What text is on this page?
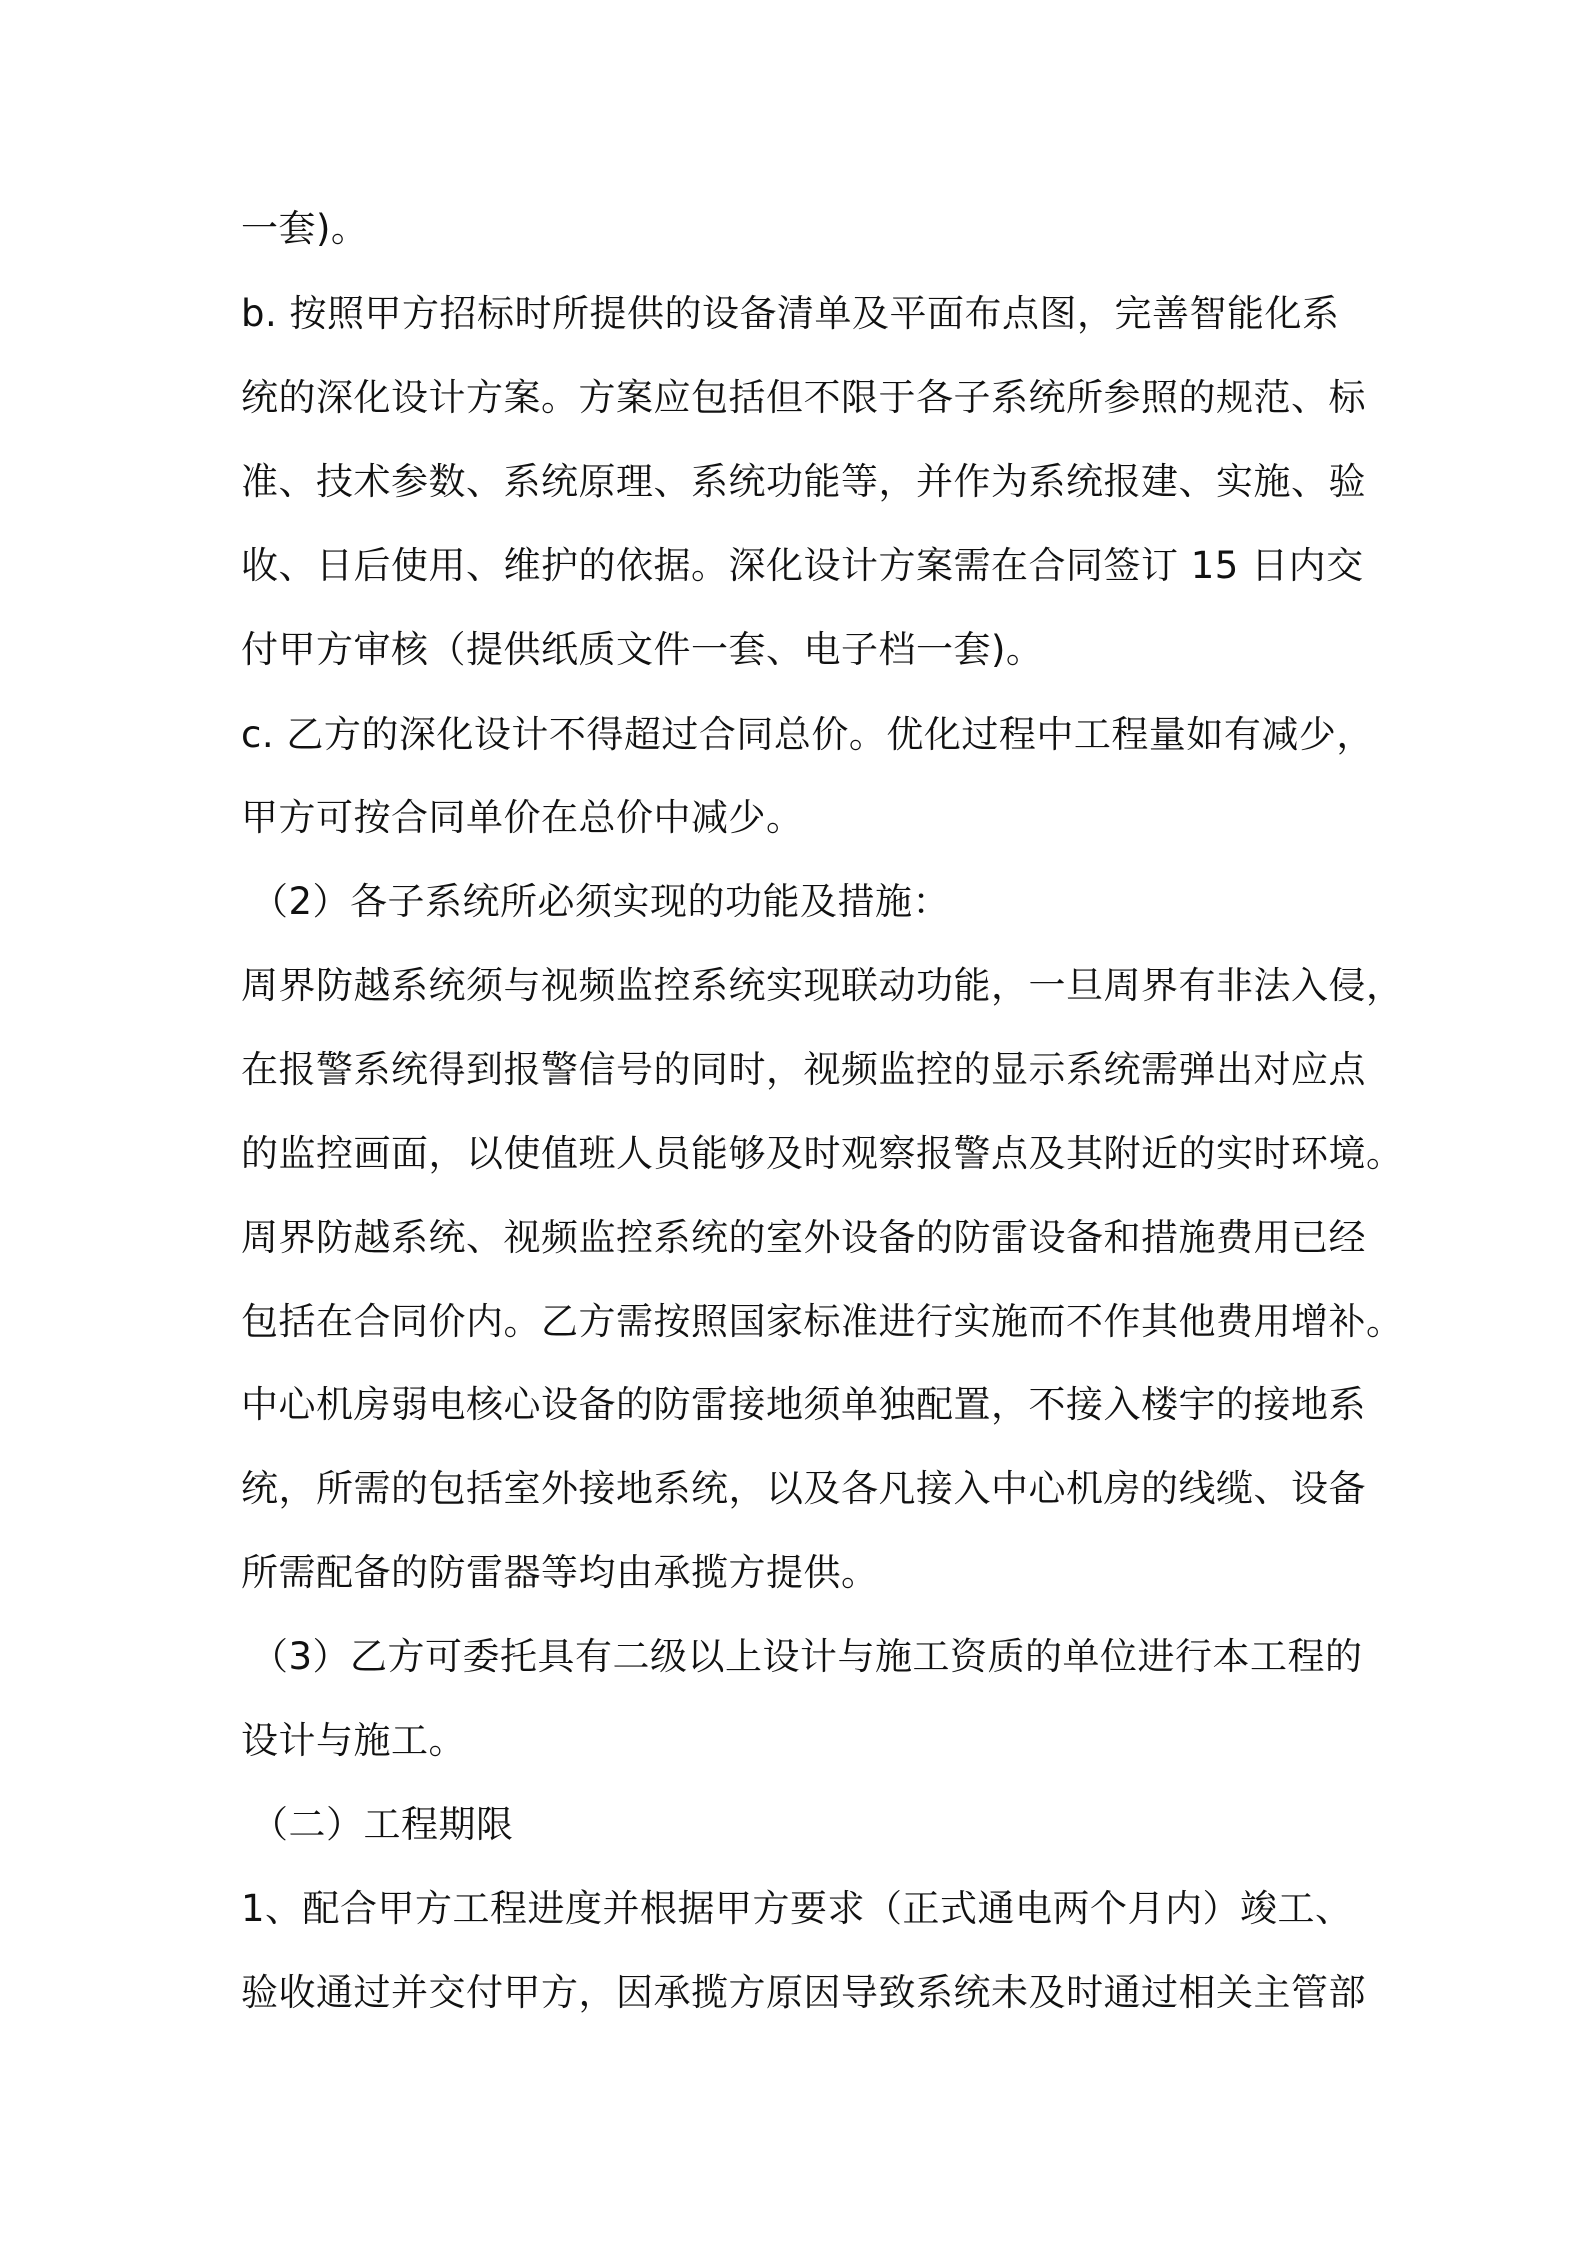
一套)。
b. 按照甲方招标时所提供的设备清单及平面布点图，完善智能化系
统的深化设计方案。方案应包括但不限于各子系统所参照的规范、标
准、技术参数、系统原理、系统功能等，并作为系统报建、实施、验
收、日后使用、维护的依据。深化设计方案需在合同签订 15 日内交
付甲方审核（提供纸质文件一套、电子档一套)。
c. 乙方的深化设计不得超过合同总价。优化过程中工程量如有减少，
甲方可按合同单价在总价中减少。
（2）各子系统所必须实现的功能及措施：
周界防越系统须与视频监控系统实现联动功能，一旦周界有非法入侵，
在报警系统得到报警信号的同时，视频监控的显示系统需弹出对应点
的监控画面，以使值班人员能够及时观察报警点及其附近的实时环境。
周界防越系统、视频监控系统的室外设备的防雷设备和措施费用已经
包括在合同价内。乙方需按照国家标准进行实施而不作其他费用增补。
中心机房弱电核心设备的防雷接地须单独配置，不接入楼宇的接地系
统，所需的包括室外接地系统，以及各凡接入中心机房的线缆、设备
所需配备的防雷器等均由承揽方提供。
（3）乙方可委托具有二级以上设计与施工资质的单位进行本工程的
设计与施工。
（二）工程期限
1、配合甲方工程进度并根据甲方要求（正式通电两个月内）竣工、
验收通过并交付甲方，因承揽方原因导致系统未及时通过相关主管部
